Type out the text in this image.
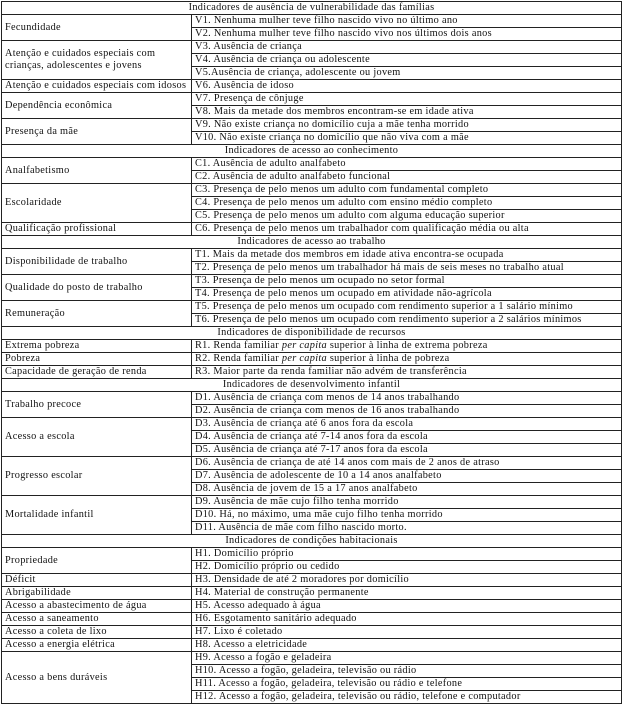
Indicadores de ausência de vulnerabilidade das famílias	
Fecundidade	V1. Nenhuma mulher teve filho nascido vivo no último ano
	V2. Nenhuma mulher teve filho nascido vivo nos últimos dois anos
Atenção e cuidados especiais com crianças, adolescentes e jovens	V3. Ausência de criança
	V4. Ausência de criança ou adolescente
	V5.Ausência de criança, adolescente ou jovem
Atenção e cuidados especiais com idosos	V6. Ausência de idoso
Dependência econômica	V7. Presença de cônjuge
	V8. Mais da metade dos membros encontram-se em idade ativa
Presença da mãe	V9. Não existe criança no domicílio cuja a mãe tenha morrido
	V10. Não existe criança no domicílio que não viva com a mãe
Indicadores de acesso ao conhecimento	
Analfabetismo	C1. Ausência de adulto analfabeto
	C2. Ausência de adulto analfabeto funcional
Escolaridade	C3. Presença de pelo menos um adulto com fundamental completo
	C4. Presença de pelo menos um adulto com ensino médio completo
	C5. Presença de pelo menos um adulto com alguma educação superior
Qualificação profissional	C6. Presença de pelo menos um trabalhador com qualificação média ou alta
Indicadores de acesso ao trabalho	
Disponibilidade de trabalho	T1. Mais da metade dos membros em idade ativa encontra-se ocupada
	T2. Presença de pelo menos um trabalhador há mais de seis meses no trabalho atual
Qualidade do posto de trabalho	T3. Presença de pelo menos um ocupado no setor formal
	T4. Presença de pelo menos um ocupado em atividade não-agrícola
Remuneração	T5. Presença de pelo menos um ocupado com rendimento superior a 1 salário mínimo
	T6. Presença de pelo menos um ocupado com rendimento superior a 2 salários mínimos
Indicadores de disponibilidade de recursos	
Extrema pobreza	R1. Renda familiar per capita superior à linha de extrema pobreza
Pobreza	R2. Renda familiar per capita superior à linha de pobreza
Capacidade de geração de renda	R3. Maior parte da renda familiar não advém de transferência
Indicadores de desenvolvimento infantil	
Trabalho precoce	D1. Ausência de criança com menos de 14 anos trabalhando
	D2. Ausência de criança com menos de 16 anos trabalhando
Acesso a escola	D3. Ausência de criança até 6 anos fora da escola
	D4. Ausência de criança até 7-14 anos fora da escola
	D5. Ausência de criança até 7-17 anos fora da escola
Progresso escolar	D6. Ausência de criança de até 14 anos com mais de 2 anos de atraso
	D7. Ausência de adolescente de 10 a 14 anos analfabeto
	D8. Ausência de jovem de 15 a 17 anos analfabeto
Mortalidade infantil	D9. Ausência de mãe cujo filho tenha morrido
	D10. Há, no máximo, uma mãe cujo filho tenha morrido
	D11. Ausência de mãe com filho nascido morto.
Indicadores de condições habitacionais	
Propriedade	H1. Domicílio próprio
	H2. Domicílio próprio ou cedido
Déficit	H3. Densidade de até 2 moradores por domicílio
Abrigabilidade	H4. Material de construção permanente
Acesso a abastecimento de água	H5. Acesso adequado à água
Acesso a saneamento	H6. Esgotamento sanitário adequado
Acesso a coleta de lixo	H7. Lixo é coletado
Acesso a energia elétrica	H8. Acesso a eletricidade
Acesso a bens duráveis	H9. Acesso a fogão e geladeira
	H10. Acesso a fogão, geladeira, televisão ou rádio
	H11. Acesso a fogão, geladeira, televisão ou rádio e telefone
	H12. Acesso a fogão, geladeira, televisão ou rádio, telefone e computador
